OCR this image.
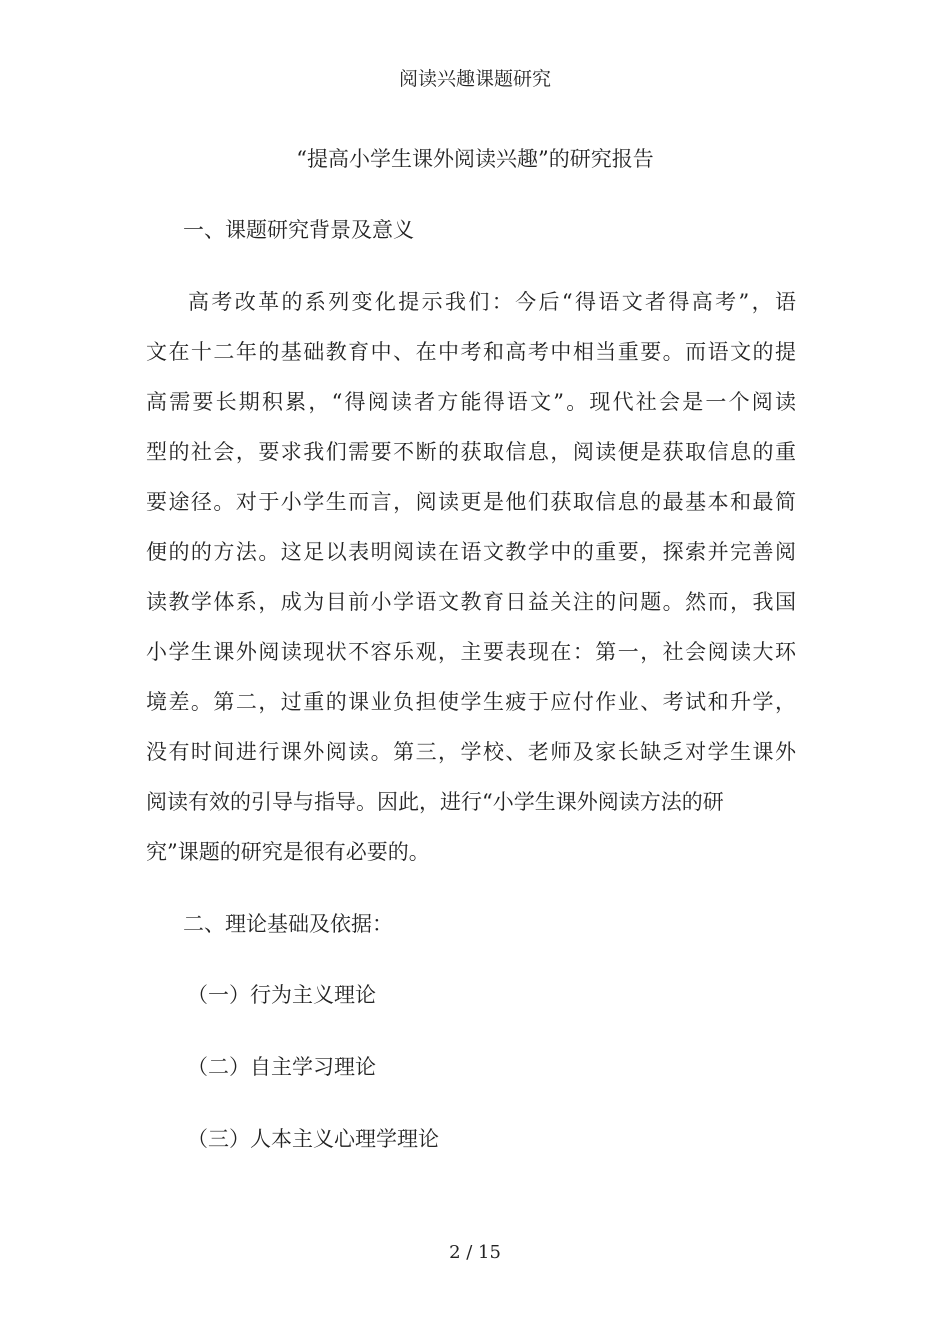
阅读兴趣课题研究
“提高小学生课外阅读兴趣”的研究报告
一、课题研究背景及意义
高考改革的系列变化提示我们：今后“得语文者得高考”，语
文在十二年的基础教育中、在中考和高考中相当重要。而语文的提
高需要长期积累，“得阅读者方能得语文”。现代社会是一个阅读
型的社会，要求我们需要不断的获取信息，阅读便是获取信息的重
要途径。对于小学生而言，阅读更是他们获取信息的最基本和最简
便的的方法。这足以表明阅读在语文教学中的重要，探索并完善阅
读教学体系，成为目前小学语文教育日益关注的问题。然而，我国
小学生课外阅读现状不容乐观，主要表现在：第一，社会阅读大环
境差。第二，过重的课业负担使学生疲于应付作业、考试和升学，
没有时间进行课外阅读。第三，学校、老师及家长缺乏对学生课外
阅读有效的引导与指导。因此，进行“小学生课外阅读方法的研
究”课题的研究是很有必要的。
二、理论基础及依据：
（一）行为主义理论
（二）自主学习理论
（三）人本主义心理学理论
2 / 15
